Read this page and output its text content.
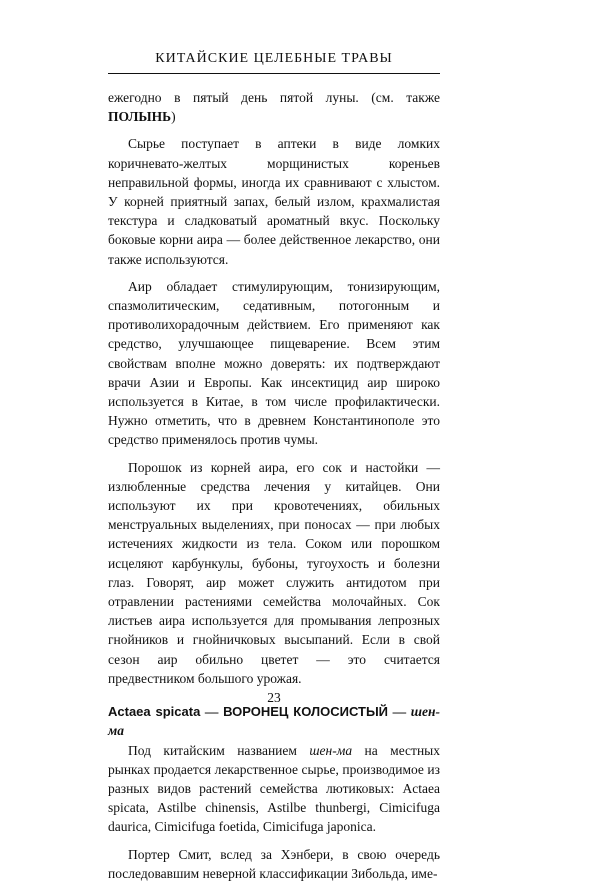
КИТАЙСКИЕ ЦЕЛЕБНЫЕ ТРАВЫ

ежегодно в пятый день пятой луны. (см. также ПОЛЫНЬ)

Сырье поступает в аптеки в виде ломких коричневато-желтых морщинистых кореньев неправильной формы, иногда их сравнивают с хлыстом. У корней приятный запах, белый излом, крахмалистая текстура и сладковатый ароматный вкус. Поскольку боковые корни аира — более действенное лекарство, они также используются.

Аир обладает стимулирующим, тонизирующим, спазмолитическим, седативным, потогонным и противолихорадочным действием. Его применяют как средство, улучшающее пищеварение. Всем этим свойствам вполне можно доверять: их подтверждают врачи Азии и Европы. Как инсектицид аир широко используется в Китае, в том числе профилактически. Нужно отметить, что в древнем Константинополе это средство применялось против чумы.

Порошок из корней аира, его сок и настойки — излюбленные средства лечения у китайцев. Они используют их при кровотечениях, обильных менструальных выделениях, при поносах — при любых истечениях жидкости из тела. Соком или порошком исцеляют карбункулы, бубоны, тугоухость и болезни глаз. Говорят, аир может служить антидотом при отравлении растениями семейства молочайных. Сок листьев аира используется для промывания лепрозных гнойников и гнойничковых высыпаний. Если в свой сезон аир обильно цветет — это считается предвестником большого урожая.

Actaea spicata — ВОРОНЕЦ КОЛОСИСТЫЙ — шен-ма

Под китайским названием шен-ма на местных рынках продается лекарственное сырье, производимое из разных видов растений семейства лютиковых: Actaea spicata, Astilbe chinensis, Astilbe thunbergi, Cimicifuga daurica, Cimicifuga foetida, Cimicifuga japonica.

Портер Смит, вслед за Хэнбери, в свою очередь последовавшим неверной классификации Зибольда, име-

23
